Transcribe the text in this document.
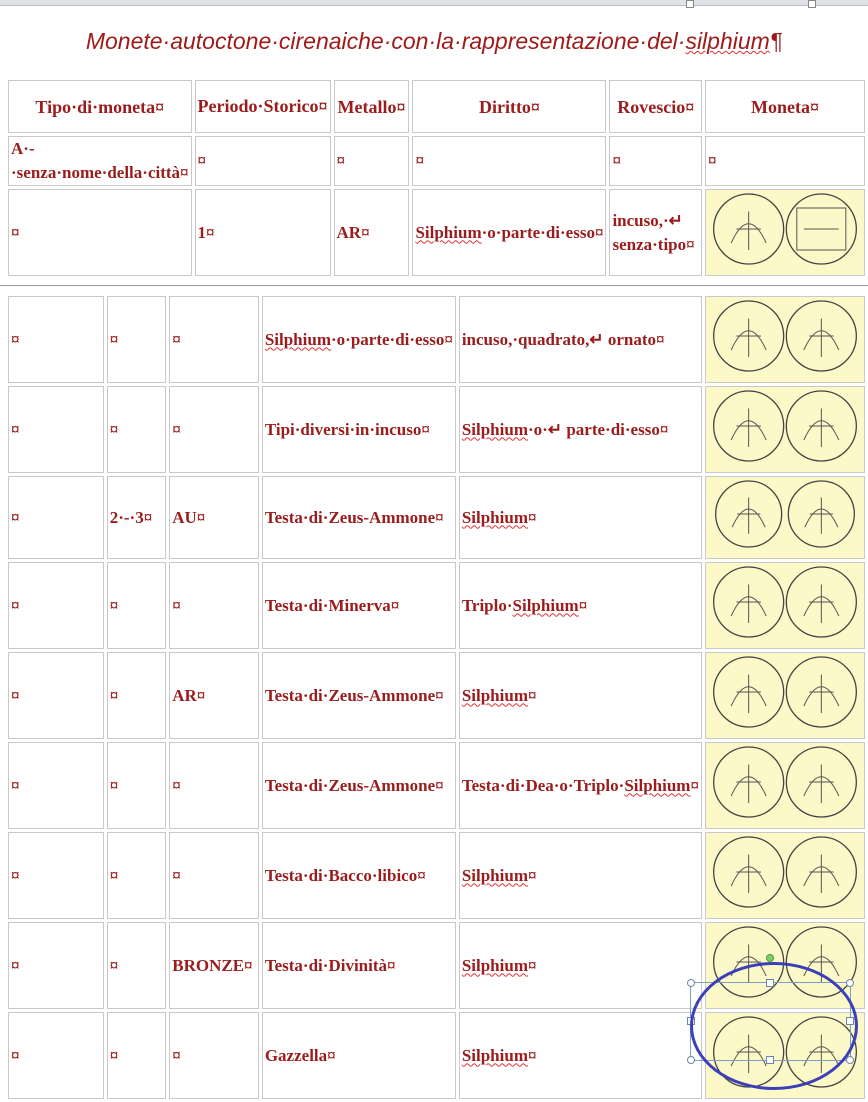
Monete·autoctone·cirenaiche·con·la·rappresentazione·del·silphium¶
Tipo·di·moneta¤	Periodo·Storico¤	Metallo¤	Diritto¤	Rovescio¤	Moneta¤
A·-·senza·nome·della·città¤	¤	¤	¤	¤	¤
¤	1¤	AR¤	Silphium·o·parte·di·esso¤	incuso,·↵ senza·tipo¤	
¤	¤	¤	Silphium·o·parte·di·esso¤	incuso,·quadrato,↵ ornato¤	
¤	¤	¤	Tipi·diversi·in·incuso¤	Silphium·o·↵ parte·di·esso¤	
¤	2·-·3¤	AU¤	Testa·di·Zeus-Ammone¤	Silphium¤	
¤	¤	¤	Testa·di·Minerva¤	Triplo·Silphium¤	
¤	¤	AR¤	Testa·di·Zeus-Ammone¤	Silphium¤	
¤	¤	¤	Testa·di·Zeus-Ammone¤	Testa·di·Dea·o·Triplo·Silphium¤	
¤	¤	¤	Testa·di·Bacco·libico¤	Silphium¤	
¤	¤	BRONZE¤	Testa·di·Divinità¤	Silphium¤	
¤	¤	¤	Gazzella¤	Silphium¤	
